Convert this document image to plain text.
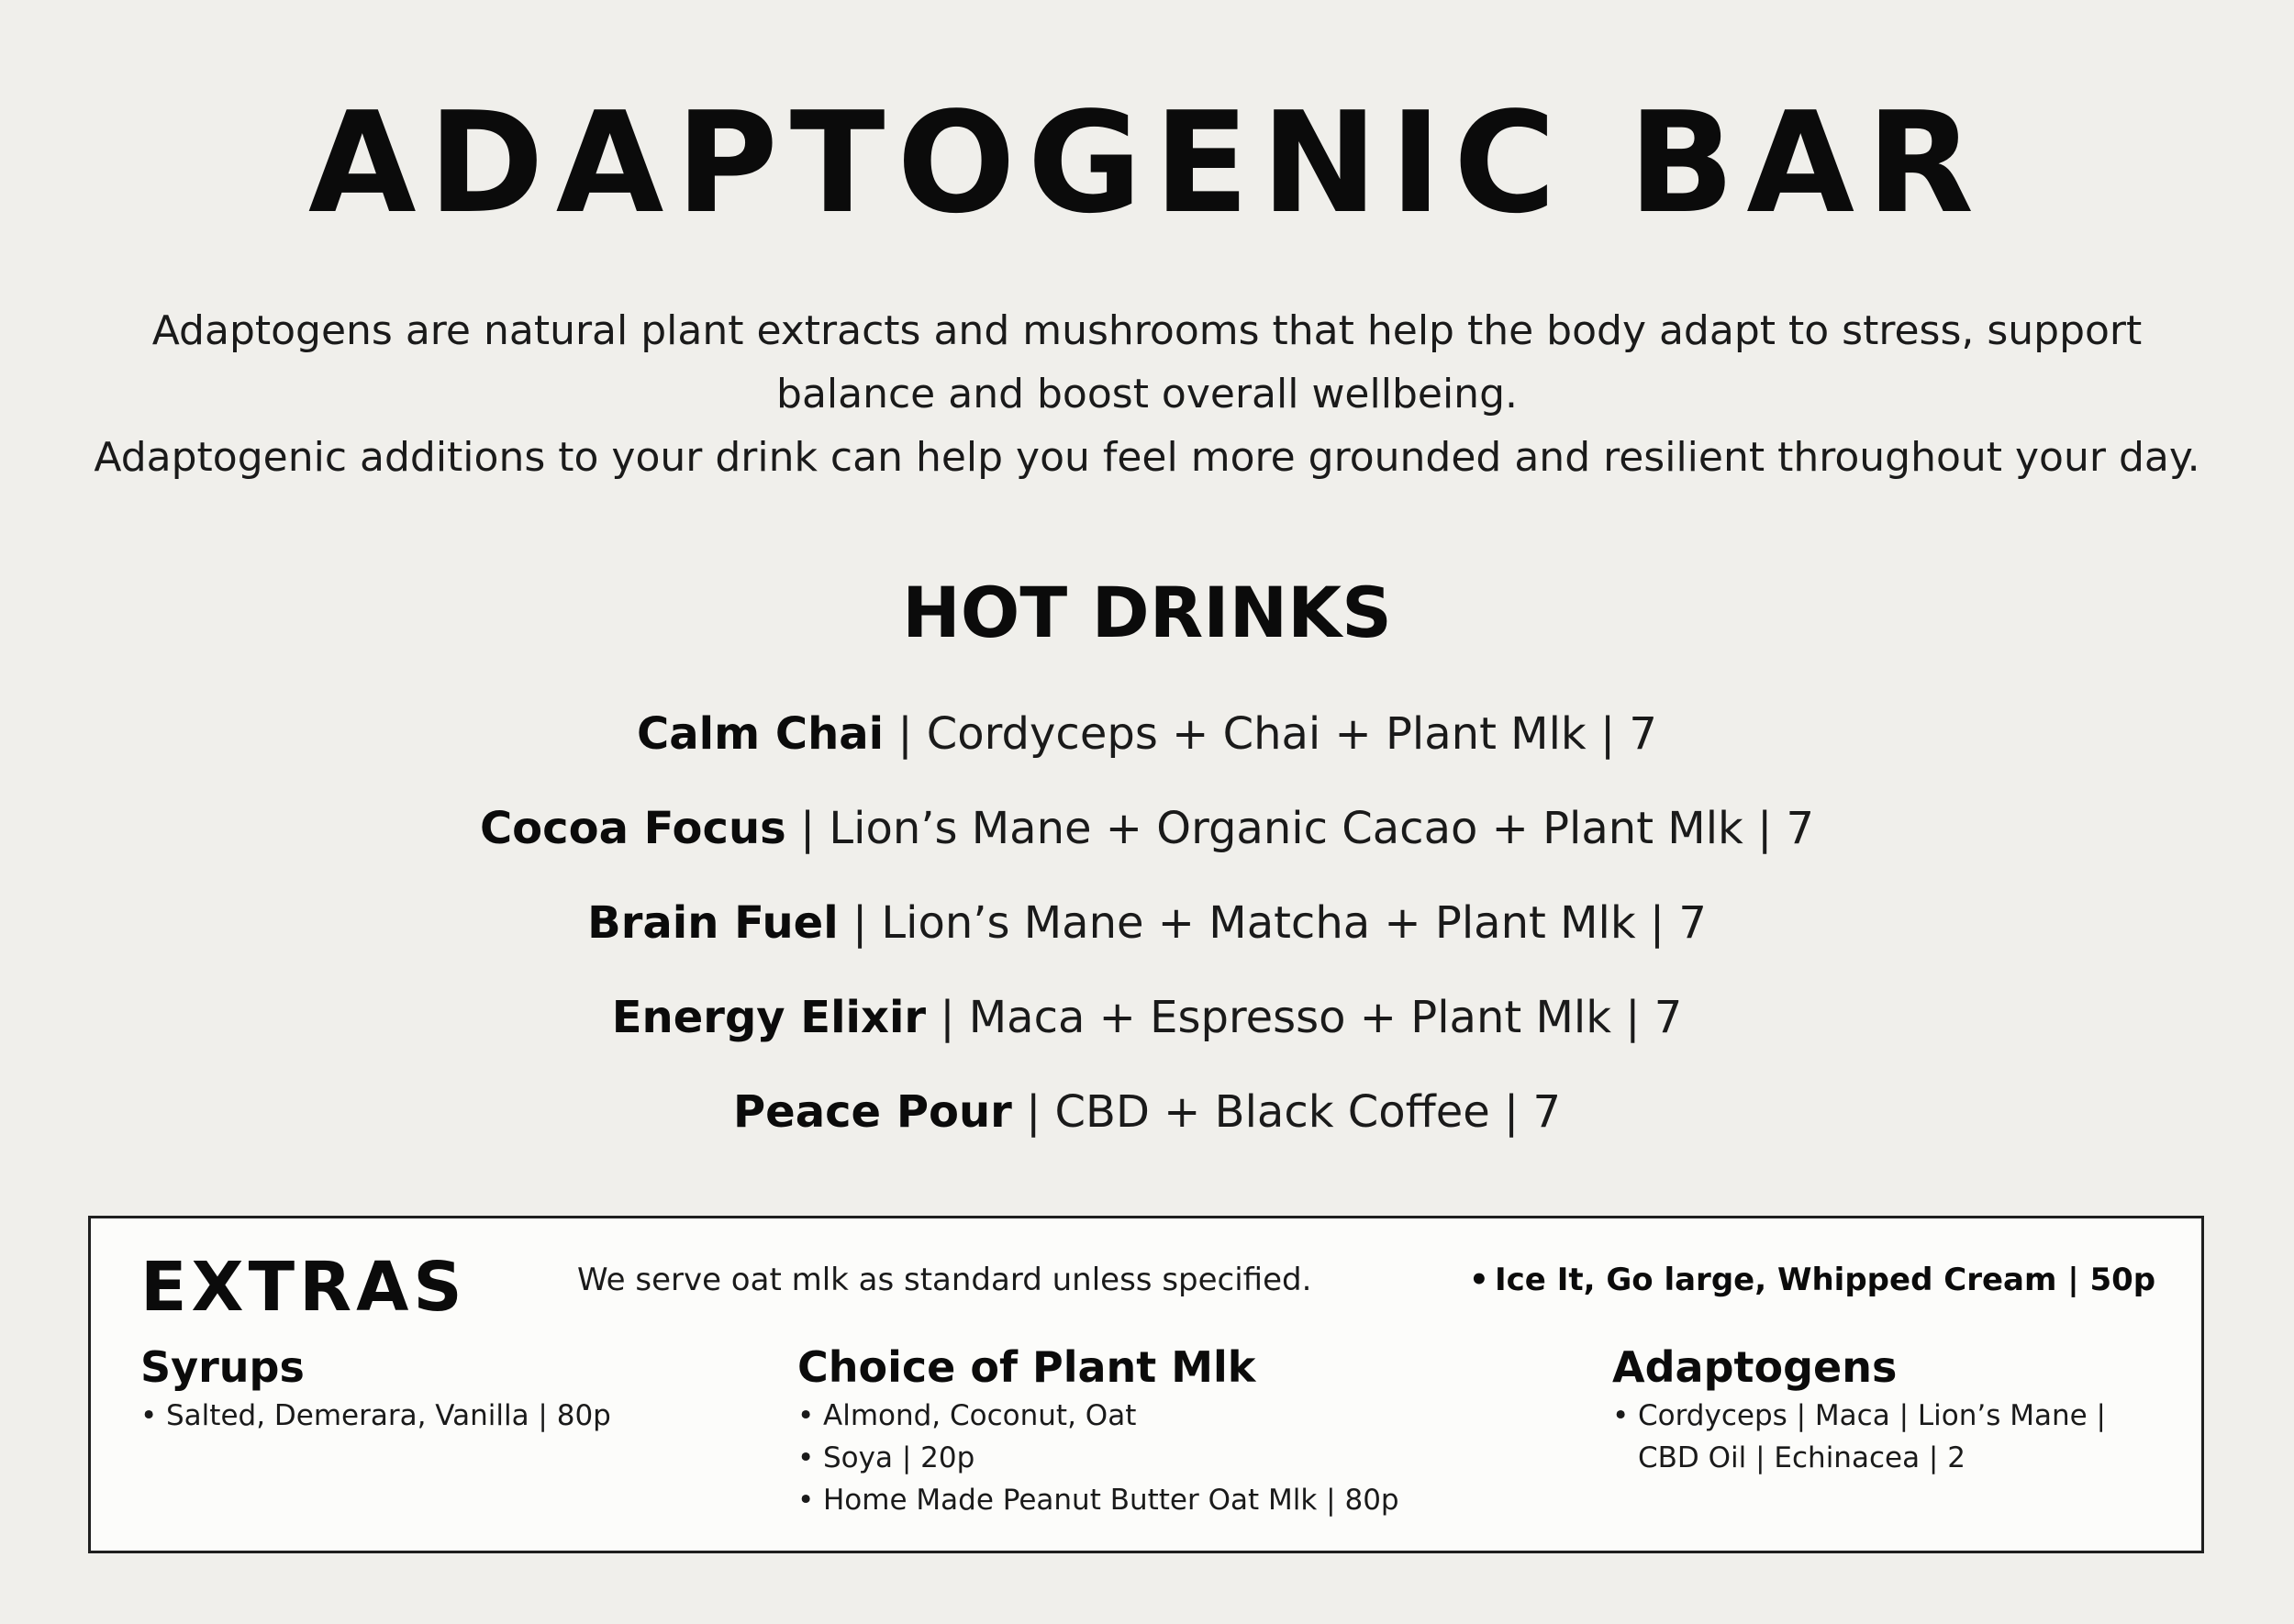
ADAPTOGENIC BAR
Adaptogens are natural plant extracts and mushrooms that help the body adapt to stress, support
balance and boost overall wellbeing.
Adaptogenic additions to your drink can help you feel more grounded and resilient throughout your day.
HOT DRINKS
Calm Chai | Cordyceps + Chai + Plant Mlk | 7
Cocoa Focus | Lion’s Mane + Organic Cacao + Plant Mlk | 7
Brain Fuel | Lion’s Mane + Matcha + Plant Mlk | 7
Energy Elixir | Maca + Espresso + Plant Mlk | 7
Peace Pour | CBD + Black Coffee | 7
EXTRAS	We serve oat mlk as standard unless specified.	• Ice It, Go large, Whipped Cream | 50p
Syrups
• Salted, Demerara, Vanilla | 80p
Choice of Plant Mlk
• Almond, Coconut, Oat
• Soya | 20p
• Home Made Peanut Butter Oat Mlk | 80p
Adaptogens
• Cordyceps | Maca | Lion’s Mane |
CBD Oil | Echinacea | 2
